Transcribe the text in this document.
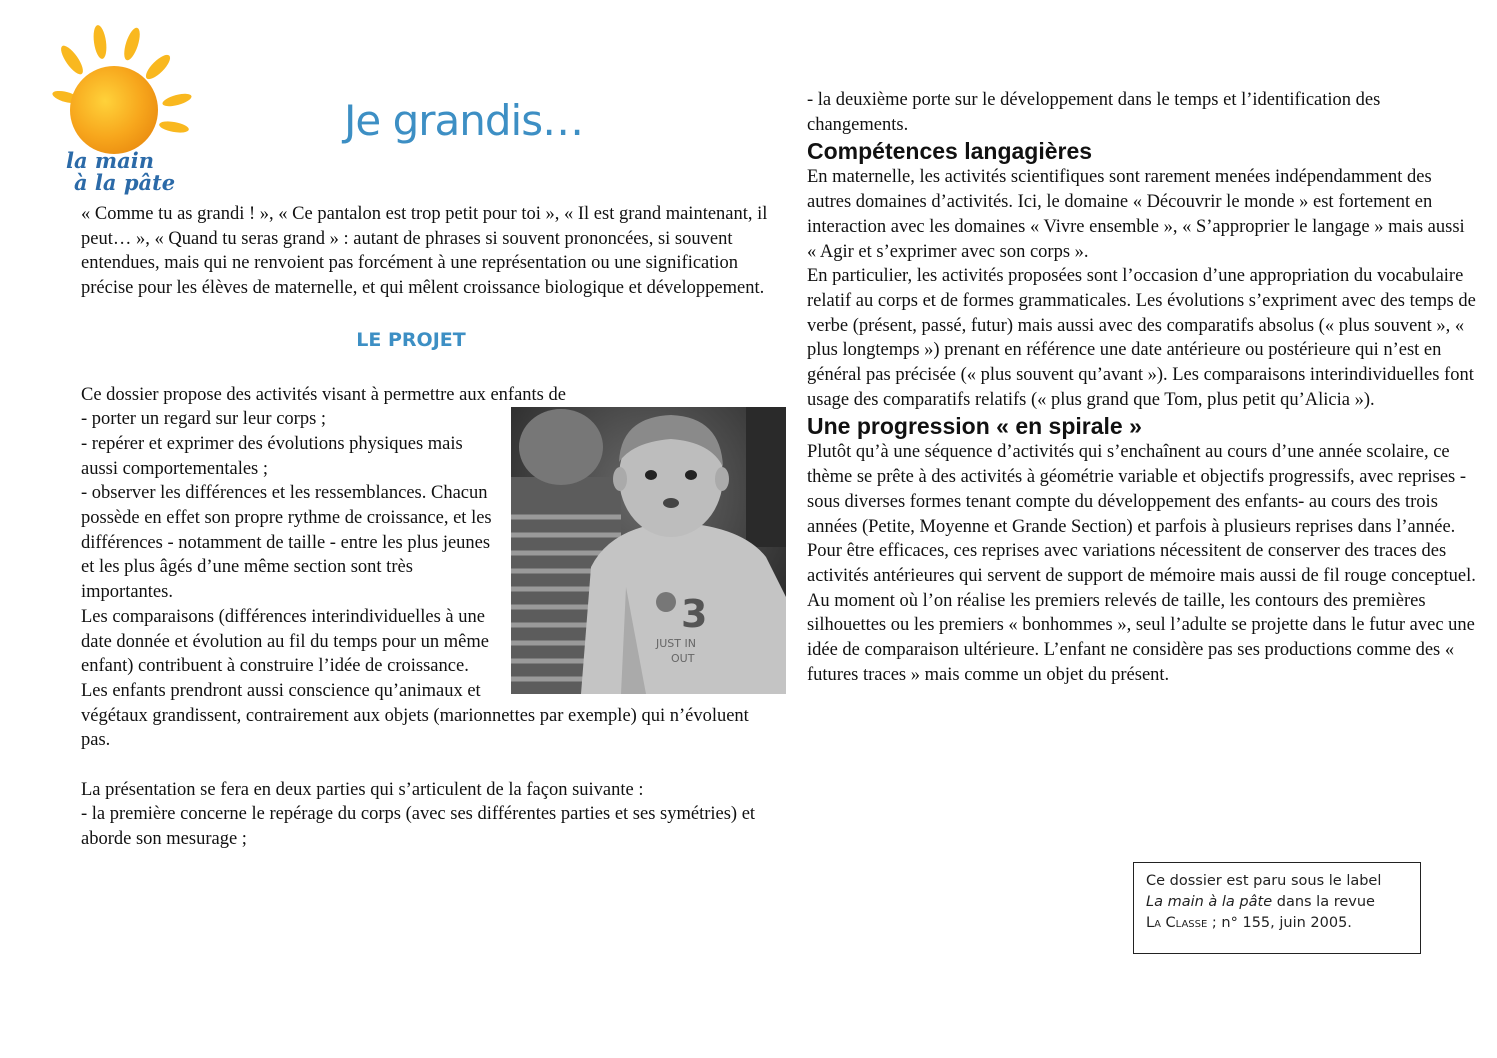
la main
à la pâte
Je grandis…

« Comme tu as grandi ! », « Ce pantalon est trop petit pour toi », « Il est grand maintenant, il peut… », « Quand tu seras grand » : autant de phrases si souvent prononcées, si souvent entendues, mais qui ne renvoient pas forcément à une représentation ou une signification précise pour les élèves de maternelle, et qui mêlent croissance biologique et développement.

LE PROJET

Ce dossier propose des activités visant à permettre aux enfants de

3
JUST IN
OUT

- porter un regard sur leur corps ;

- repérer et exprimer des évolutions physiques mais aussi comportementales ;

- observer les différences et les ressemblances. Chacun possède en effet son propre rythme de croissance, et les différences - notamment de taille - entre les plus jeunes et les plus âgés d’une même section sont très importantes.

Les comparaisons (différences interindividuelles à une date donnée et évolution au fil du temps pour un même enfant) contribuent à construire l’idée de croissance.

Les enfants prendront aussi conscience qu’animaux et végétaux grandissent, contrairement aux objets (marionnettes par exemple) qui n’évoluent pas.

La présentation se fera en deux parties qui s’articulent de la façon suivante :

- la première concerne le repérage du corps (avec ses différentes parties et ses symétries) et aborde son mesurage ;

- la deuxième porte sur le développement dans le temps et l’identification des changements.

Compétences langagières

En maternelle, les activités scientifiques sont rarement menées indépendamment des autres domaines d’activités. Ici, le domaine « Découvrir le monde » est fortement en interaction avec les domaines « Vivre ensemble », « S’approprier le langage » mais aussi « Agir et s’exprimer avec son corps ».

En particulier, les activités proposées sont l’occasion d’une appropriation du vocabulaire relatif au corps et de formes grammaticales. Les évolutions s’expriment avec des temps de verbe (présent, passé, futur) mais aussi avec des comparatifs absolus (« plus souvent », « plus longtemps ») prenant en référence une date antérieure ou postérieure qui n’est en général pas précisée (« plus souvent qu’avant »). Les comparaisons interindividuelles font usage des comparatifs relatifs (« plus grand que Tom, plus petit qu’Alicia »).

Une progression « en spirale »

Plutôt qu’à une séquence d’activités qui s’enchaînent au cours d’une année scolaire, ce thème se prête à des activités à géométrie variable et objectifs progressifs, avec reprises - sous diverses formes tenant compte du développement des enfants- au cours des trois années (Petite, Moyenne et Grande Section) et parfois à plusieurs reprises dans l’année.

Pour être efficaces, ces reprises avec variations nécessitent de conserver des traces des activités antérieures qui servent de support de mémoire mais aussi de fil rouge conceptuel.

Au moment où l’on réalise les premiers relevés de taille, les contours des premières silhouettes ou les premiers « bonhommes », seul l’adulte se projette dans le futur avec une idée de comparaison ultérieure. L’enfant ne considère pas ses productions comme des « futures traces » mais comme un objet du présent.

Ce dossier est paru sous le label
La main à la pâte dans la revue
La Classe ; n° 155, juin 2005.
